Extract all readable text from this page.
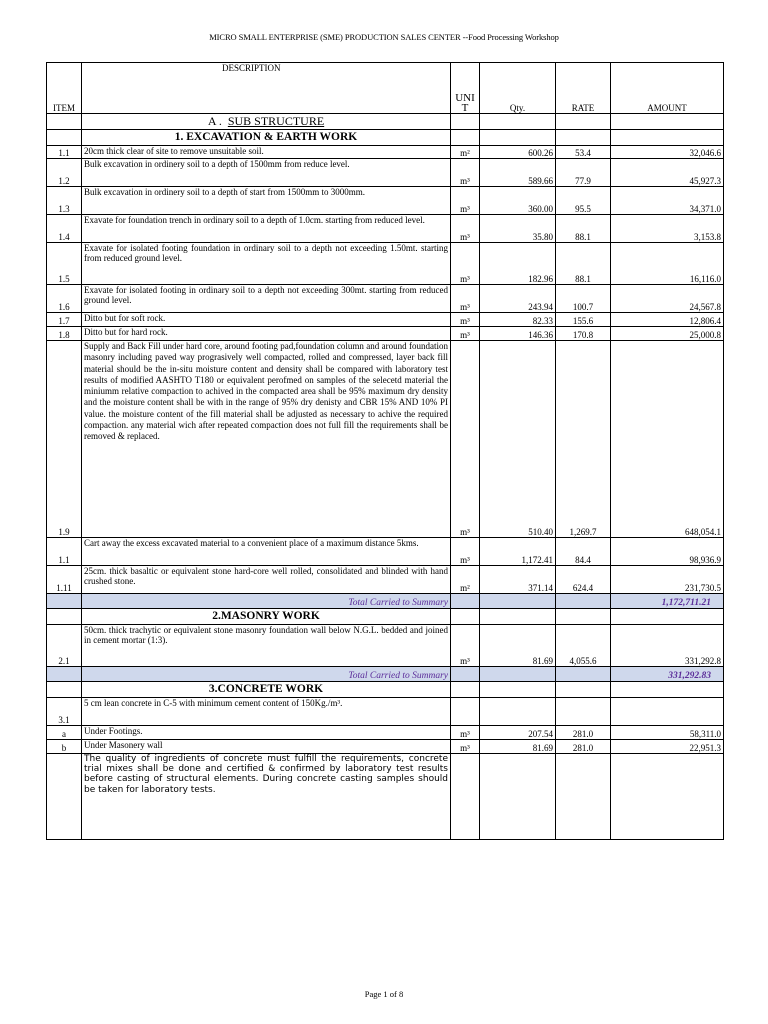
MICRO SMALL ENTERPRISE (SME) PRODUCTION SALES CENTER --Food Processing Workshop
ITEM	DESCRIPTION	UNI T	Qty.	RATE	AMOUNT
	A . SUB STRUCTURE				
	1. EXCAVATION & EARTH WORK				
1.1	20cm thick clear of site to remove unsuitable soil.	m²	600.26	53.4	32,046.6
1.2	Bulk excavation in ordinery soil to a depth of 1500mm from reduce level.	m³	589.66	77.9	45,927.3
1.3	Bulk excavation in ordinery soil to a depth of start from 1500mm to 3000mm.	m³	360.00	95.5	34,371.0
1.4	Exavate for foundation trench in ordinary soil to a depth of 1.0cm. starting from reduced level.	m³	35.80	88.1	3,153.8
1.5	Exavate for isolated footing foundation in ordinary soil to a depth not exceeding 1.50mt. starting from reduced ground level.	m³	182.96	88.1	16,116.0
1.6	Exavate for isolated footing in ordinary soil to a depth not exceeding 300mt. starting from reduced ground level.	m³	243.94	100.7	24,567.8
1.7	Ditto but for soft rock.	m³	82.33	155.6	12,806.4
1.8	Ditto but for hard rock.	m³	146.36	170.8	25,000.8
1.9	Supply and Back Fill under hard core, around footing pad,foundation column and around foundation masonry including paved way prograsively well compacted, rolled and compressed, layer back fill material should be the in-situ moisture content and density shall be compared with laboratory test results of modified AASHTO T180 or equivalent perofmed on samples of the selecetd material the miniumm relative compaction to achived in the compacted area shall be 95% maximum dry density and the moisture content shall be with in the range of 95% dry denisty and CBR 15% AND 10% PI value. the moisture content of the fill material shall be adjusted as necessary to achive the required compaction. any material wich after repeated compaction does not full fill the requirements shall be removed & replaced.	m³	510.40	1,269.7	648,054.1
1.1	Cart away the excess excavated material to a convenient place of a maximum distance 5kms.	m³	1,172.41	84.4	98,936.9
1.11	25cm. thick basaltic or equivalent stone hard-core well rolled, consolidated and blinded with hand crushed stone.	m²	371.14	624.4	231,730.5
	Total Carried to Summary				1,172,711.21
	2.MASONRY WORK				
2.1	50cm. thick trachytic or equivalent stone masonry foundation wall below N.G.L. bedded and joined in cement mortar (1:3).	m³	81.69	4,055.6	331,292.8
	Total Carried to Summary				331,292.83
	3.CONCRETE WORK				
3.1	5 cm lean concrete in C-5 with minimum cement content of 150Kg./m³.				
a	Under Footings.	m³	207.54	281.0	58,311.0
b	Under Masonery wall	m³	81.69	281.0	22,951.3
	The quality of ingredients of concrete must fulfill the requirements, concrete trial mixes shall be done and certified & confirmed by laboratory test results before casting of structural elements. During concrete casting samples should be taken for laboratory tests.				
Page 1 of 8
